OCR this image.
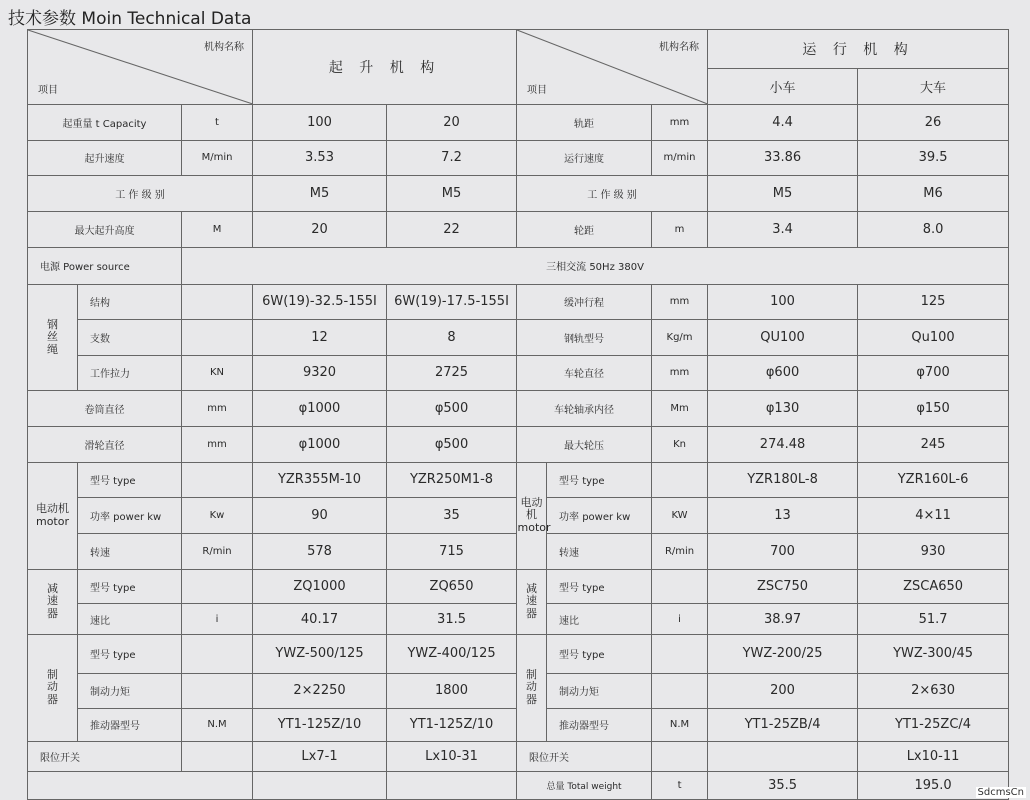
技术参数 Moin Technical Data
机构名称
项目			起 升 机 构		机构名称
项目			运 行 机 构	
								小车	大车
起重量 t Capacity		t	100	20	轨距		mm	4.4	26
起升速度		M/min	3.53	7.2	运行速度		m/min	33.86	39.5
工 作 级 别			M5	M5	工 作 级 别			M5	M6
最大起升高度		M	20	22	轮距		m	3.4	8.0
电源 Power source		三相交流 50Hz 380V							
钢丝绳	结构		6W(19)-32.5-155I	6W(19)-17.5-155I	缓冲行程		mm	100	125
	支数		12	8	钢轨型号		Kg/m	QU100	Qu100
	工作拉力	KN	9320	2725	车轮直径		mm	φ600	φ700
卷筒直径		mm	φ1000	φ500	车轮轴承内径		Mm	φ130	φ150
滑轮直径		mm	φ1000	φ500	最大轮压		Kn	274.48	245
电动机 motor	型号 type		YZR355M-10	YZR250M1-8	电动机 motor	型号 type		YZR180L-8	YZR160L-6
	功率 power kw	Kw	90	35		功率 power kw	KW	13	4×11
	转速	R/min	578	715		转速	R/min	700	930
减速器	型号 type		ZQ1000	ZQ650	减速器	型号 type		ZSC750	ZSCA650
	速比	i	40.17	31.5		速比	i	38.97	51.7
制动器	型号 type		YWZ-500/125	YWZ-400/125	制动器	型号 type		YWZ-200/25	YWZ-300/45
	制动力矩		2×2250	1800		制动力矩		200	2×630
	推动器型号	N.M	YT1-125Z/10	YT1-125Z/10		推动器型号	N.M	YT1-25ZB/4	YT1-25ZC/4
限位开关			Lx7-1	Lx10-31	限位开关				Lx10-11
					总量 Total weight		t	35.5	195.0	SdcmsCn
